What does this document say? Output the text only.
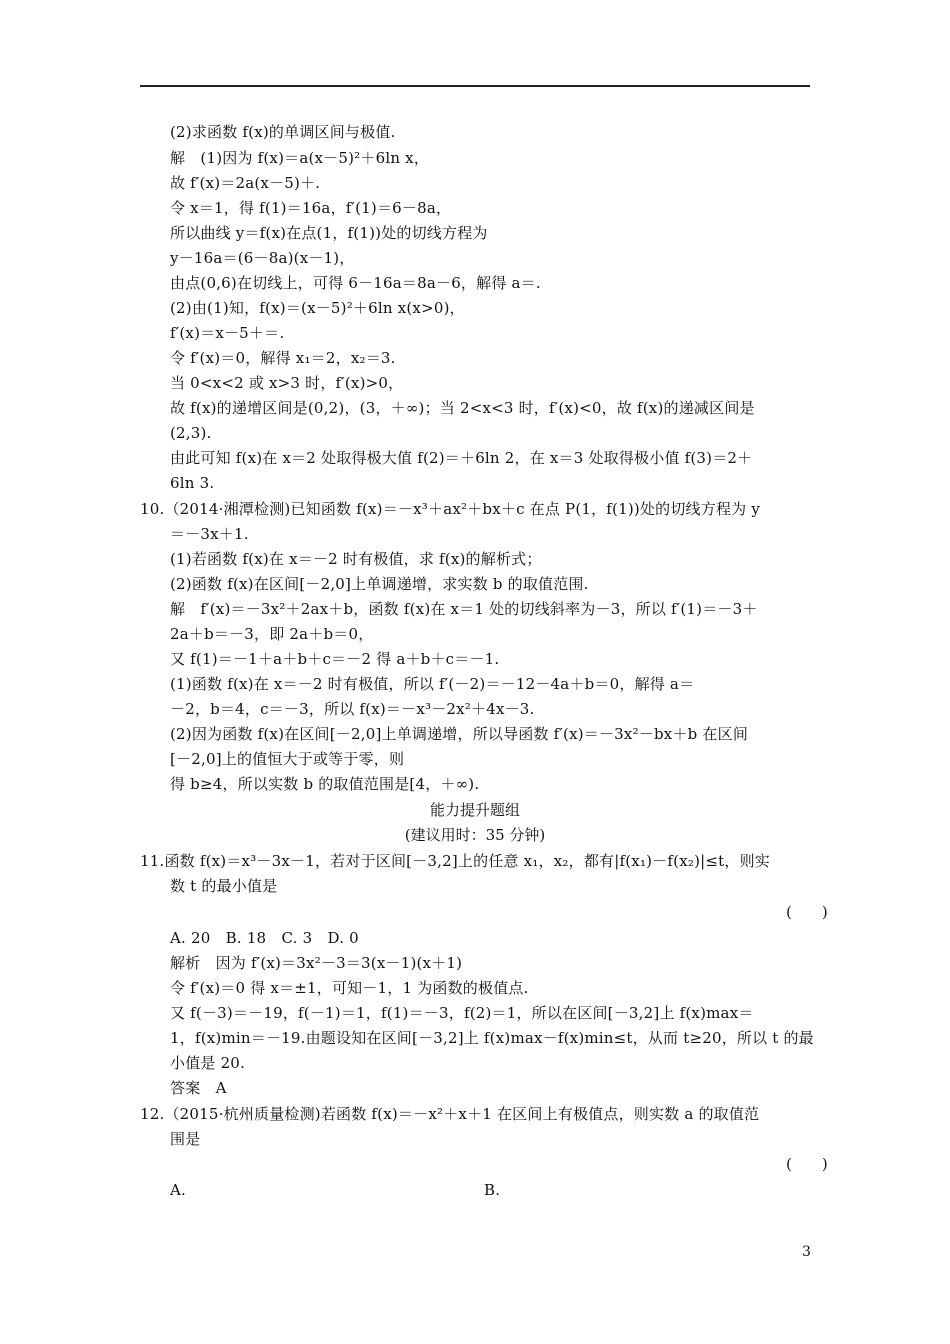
(2)求函数 f(x)的单调区间与极值.
解　(1)因为 f(x)＝a(x－5)²＋6ln x，
故 f′(x)＝2a(x－5)＋.
令 x＝1，得 f(1)＝16a，f′(1)＝6－8a，
所以曲线 y＝f(x)在点(1，f(1))处的切线方程为
y－16a＝(6－8a)(x－1)，
由点(0,6)在切线上，可得 6－16a＝8a－6，解得 a＝.
(2)由(1)知，f(x)＝(x－5)²＋6ln x(x>0)，
f′(x)＝x－5＋＝.
令 f′(x)＝0，解得 x₁＝2，x₂＝3.
当 0<x<2 或 x>3 时，f′(x)>0，
故 f(x)的递增区间是(0,2)，(3，＋∞)；当 2<x<3 时，f′(x)<0，故 f(x)的递减区间是
(2,3).
由此可知 f(x)在 x＝2 处取得极大值 f(2)＝＋6ln 2，在 x＝3 处取得极小值 f(3)＝2＋
6ln 3.
10.（2014·湘潭检测)已知函数 f(x)＝－x³＋ax²＋bx＋c 在点 P(1，f(1))处的切线方程为 y
＝－3x＋1.
(1)若函数 f(x)在 x＝－2 时有极值，求 f(x)的解析式；
(2)函数 f(x)在区间[－2,0]上单调递增，求实数 b 的取值范围.
解　f′(x)＝－3x²＋2ax＋b，函数 f(x)在 x＝1 处的切线斜率为－3，所以 f′(1)＝－3＋
2a＋b＝－3，即 2a＋b＝0，
又 f(1)＝－1＋a＋b＋c＝－2 得 a＋b＋c＝－1.
(1)函数 f(x)在 x＝－2 时有极值，所以 f′(－2)＝－12－4a＋b＝0，解得 a＝
－2，b＝4，c＝－3，所以 f(x)＝－x³－2x²＋4x－3.
(2)因为函数 f(x)在区间[－2,0]上单调递增，所以导函数 f′(x)＝－3x²－bx＋b 在区间
[－2,0]上的值恒大于或等于零，则
得 b≥4，所以实数 b 的取值范围是[4，＋∞).
能力提升题组
(建议用时：35 分钟)
11.函数 f(x)＝x³－3x－1，若对于区间[－3,2]上的任意 x₁，x₂，都有|f(x₁)－f(x₂)|≤t，则实
数 t 的最小值是
(　　)
A. 20　B. 18　C. 3　D. 0
解析　因为 f′(x)＝3x²－3＝3(x－1)(x＋1)
令 f′(x)＝0 得 x＝±1，可知－1，1 为函数的极值点.
又 f(－3)＝－19，f(－1)＝1，f(1)＝－3，f(2)＝1，所以在区间[－3,2]上 f(x)max＝
1，f(x)min＝－19.由题设知在区间[－3,2]上 f(x)max－f(x)min≤t，从而 t≥20，所以 t 的最
小值是 20.
答案　A
12.（2015·杭州质量检测)若函数 f(x)＝－x²＋x＋1 在区间上有极值点，则实数 a 的取值范
围是
(　　)
A.	B.
3
